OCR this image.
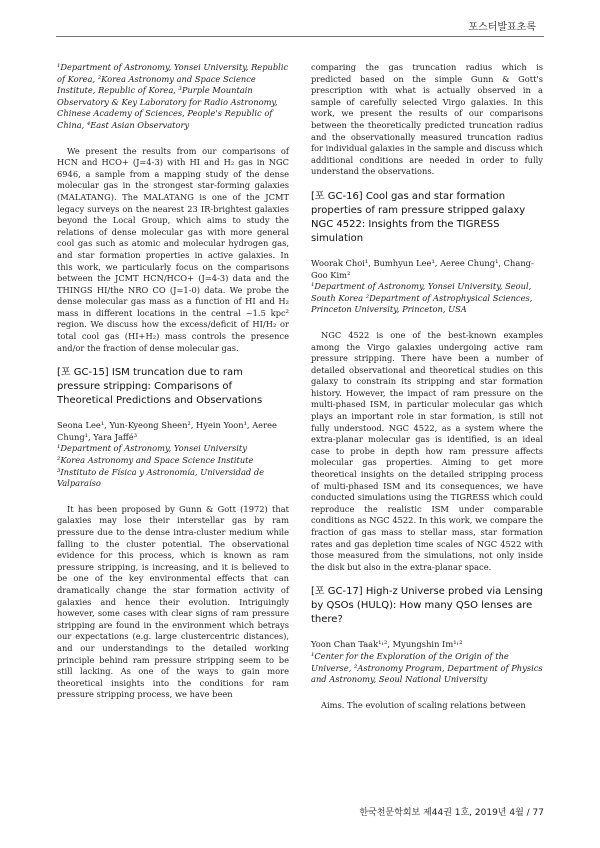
포스터발표초록

¹Department of Astronomy, Yonsei University, Republic of Korea, ²Korea Astronomy and Space Science Institute, Republic of Korea, ³Purple Mountain Observatory & Key Laboratory for Radio Astronomy, Chinese Academy of Sciences, People's Republic of China, ⁴East Asian Observatory

We present the results from our comparisons of HCN and HCO+ (J=4-3) with HI and H₂ gas in NGC 6946, a sample from a mapping study of the dense molecular gas in the strongest star-forming galaxies (MALATANG). The MALATANG is one of the JCMT legacy surveys on the nearest 23 IR-brightest galaxies beyond the Local Group, which aims to study the relations of dense molecular gas with more general cool gas such as atomic and molecular hydrogen gas, and star formation properties in active galaxies. In this work, we particularly focus on the comparisons between the JCMT HCN/HCO+ (J=4-3) data and the THINGS HI/the NRO CO (J=1-0) data. We probe the dense molecular gas mass as a function of HI and H₂ mass in different locations in the central ~1.5 kpc² region. We discuss how the excess/deficit of HI/H₂ or total cool gas (HI+H₂) mass controls the presence and/or the fraction of dense molecular gas.

[포 GC-15] ISM truncation due to ram pressure stripping: Comparisons of Theoretical Predictions and Observations

Seona Lee¹, Yun-Kyeong Sheen², Hyein Yoon¹, Aeree Chung¹, Yara Jaffé³

¹Department of Astronomy, Yonsei University

²Korea Astronomy and Space Science Institute

³Instituto de Física y Astronomía, Universidad de Valparaíso

It has been proposed by Gunn & Gott (1972) that galaxies may lose their interstellar gas by ram pressure due to the dense intra-cluster medium while falling to the cluster potential. The observational evidence for this process, which is known as ram pressure stripping, is increasing, and it is believed to be one of the key environmental effects that can dramatically change the star formation activity of galaxies and hence their evolution. Intriguingly however, some cases with clear signs of ram pressure stripping are found in the environment which betrays our expectations (e.g. large clustercentric distances), and our understandings to the detailed working principle behind ram pressure stripping seem to be still lacking. As one of the ways to gain more theoretical insights into the conditions for ram pressure stripping process, we have been

comparing the gas truncation radius which is predicted based on the simple Gunn & Gott's prescription with what is actually observed in a sample of carefully selected Virgo galaxies. In this work, we present the results of our comparisons between the theoretically predicted truncation radius and the observationally measured truncation radius for individual galaxies in the sample and discuss which additional conditions are needed in order to fully understand the observations.

[포 GC-16] Cool gas and star formation properties of ram pressure stripped galaxy NGC 4522: Insights from the TIGRESS simulation

Woorak Choi¹, Bumhyun Lee¹, Aeree Chung¹, Chang-Goo Kim²

¹Department of Astronomy, Yonsei University, Seoul, South Korea ²Department of Astrophysical Sciences, Princeton University, Princeton, USA

NGC 4522 is one of the best-known examples among the Virgo galaxies undergoing active ram pressure stripping. There have been a number of detailed observational and theoretical studies on this galaxy to constrain its stripping and star formation history. However, the impact of ram pressure on the multi-phased ISM, in particular molecular gas which plays an important role in star formation, is still not fully understood. NGC 4522, as a system where the extra-planar molecular gas is identified, is an ideal case to probe in depth how ram pressure affects molecular gas properties. Aiming to get more theoretical insights on the detailed stripping process of multi-phased ISM and its consequences, we have conducted simulations using the TIGRESS which could reproduce the realistic ISM under comparable conditions as NGC 4522. In this work, we compare the fraction of gas mass to stellar mass, star formation rates and gas depletion time scales of NGC 4522 with those measured from the simulations, not only inside the disk but also in the extra-planar space.

[포 GC-17] High-z Universe probed via Lensing by QSOs (HULQ): How many QSO lenses are there?

Yoon Chan Taak¹˒², Myungshin Im¹˒²

¹Center for the Exploration of the Origin of the Universe, ²Astronomy Program, Department of Physics and Astronomy, Seoul National University

Aims. The evolution of scaling relations between

한국천문학회보 제44권 1호, 2019년 4월 / 77
